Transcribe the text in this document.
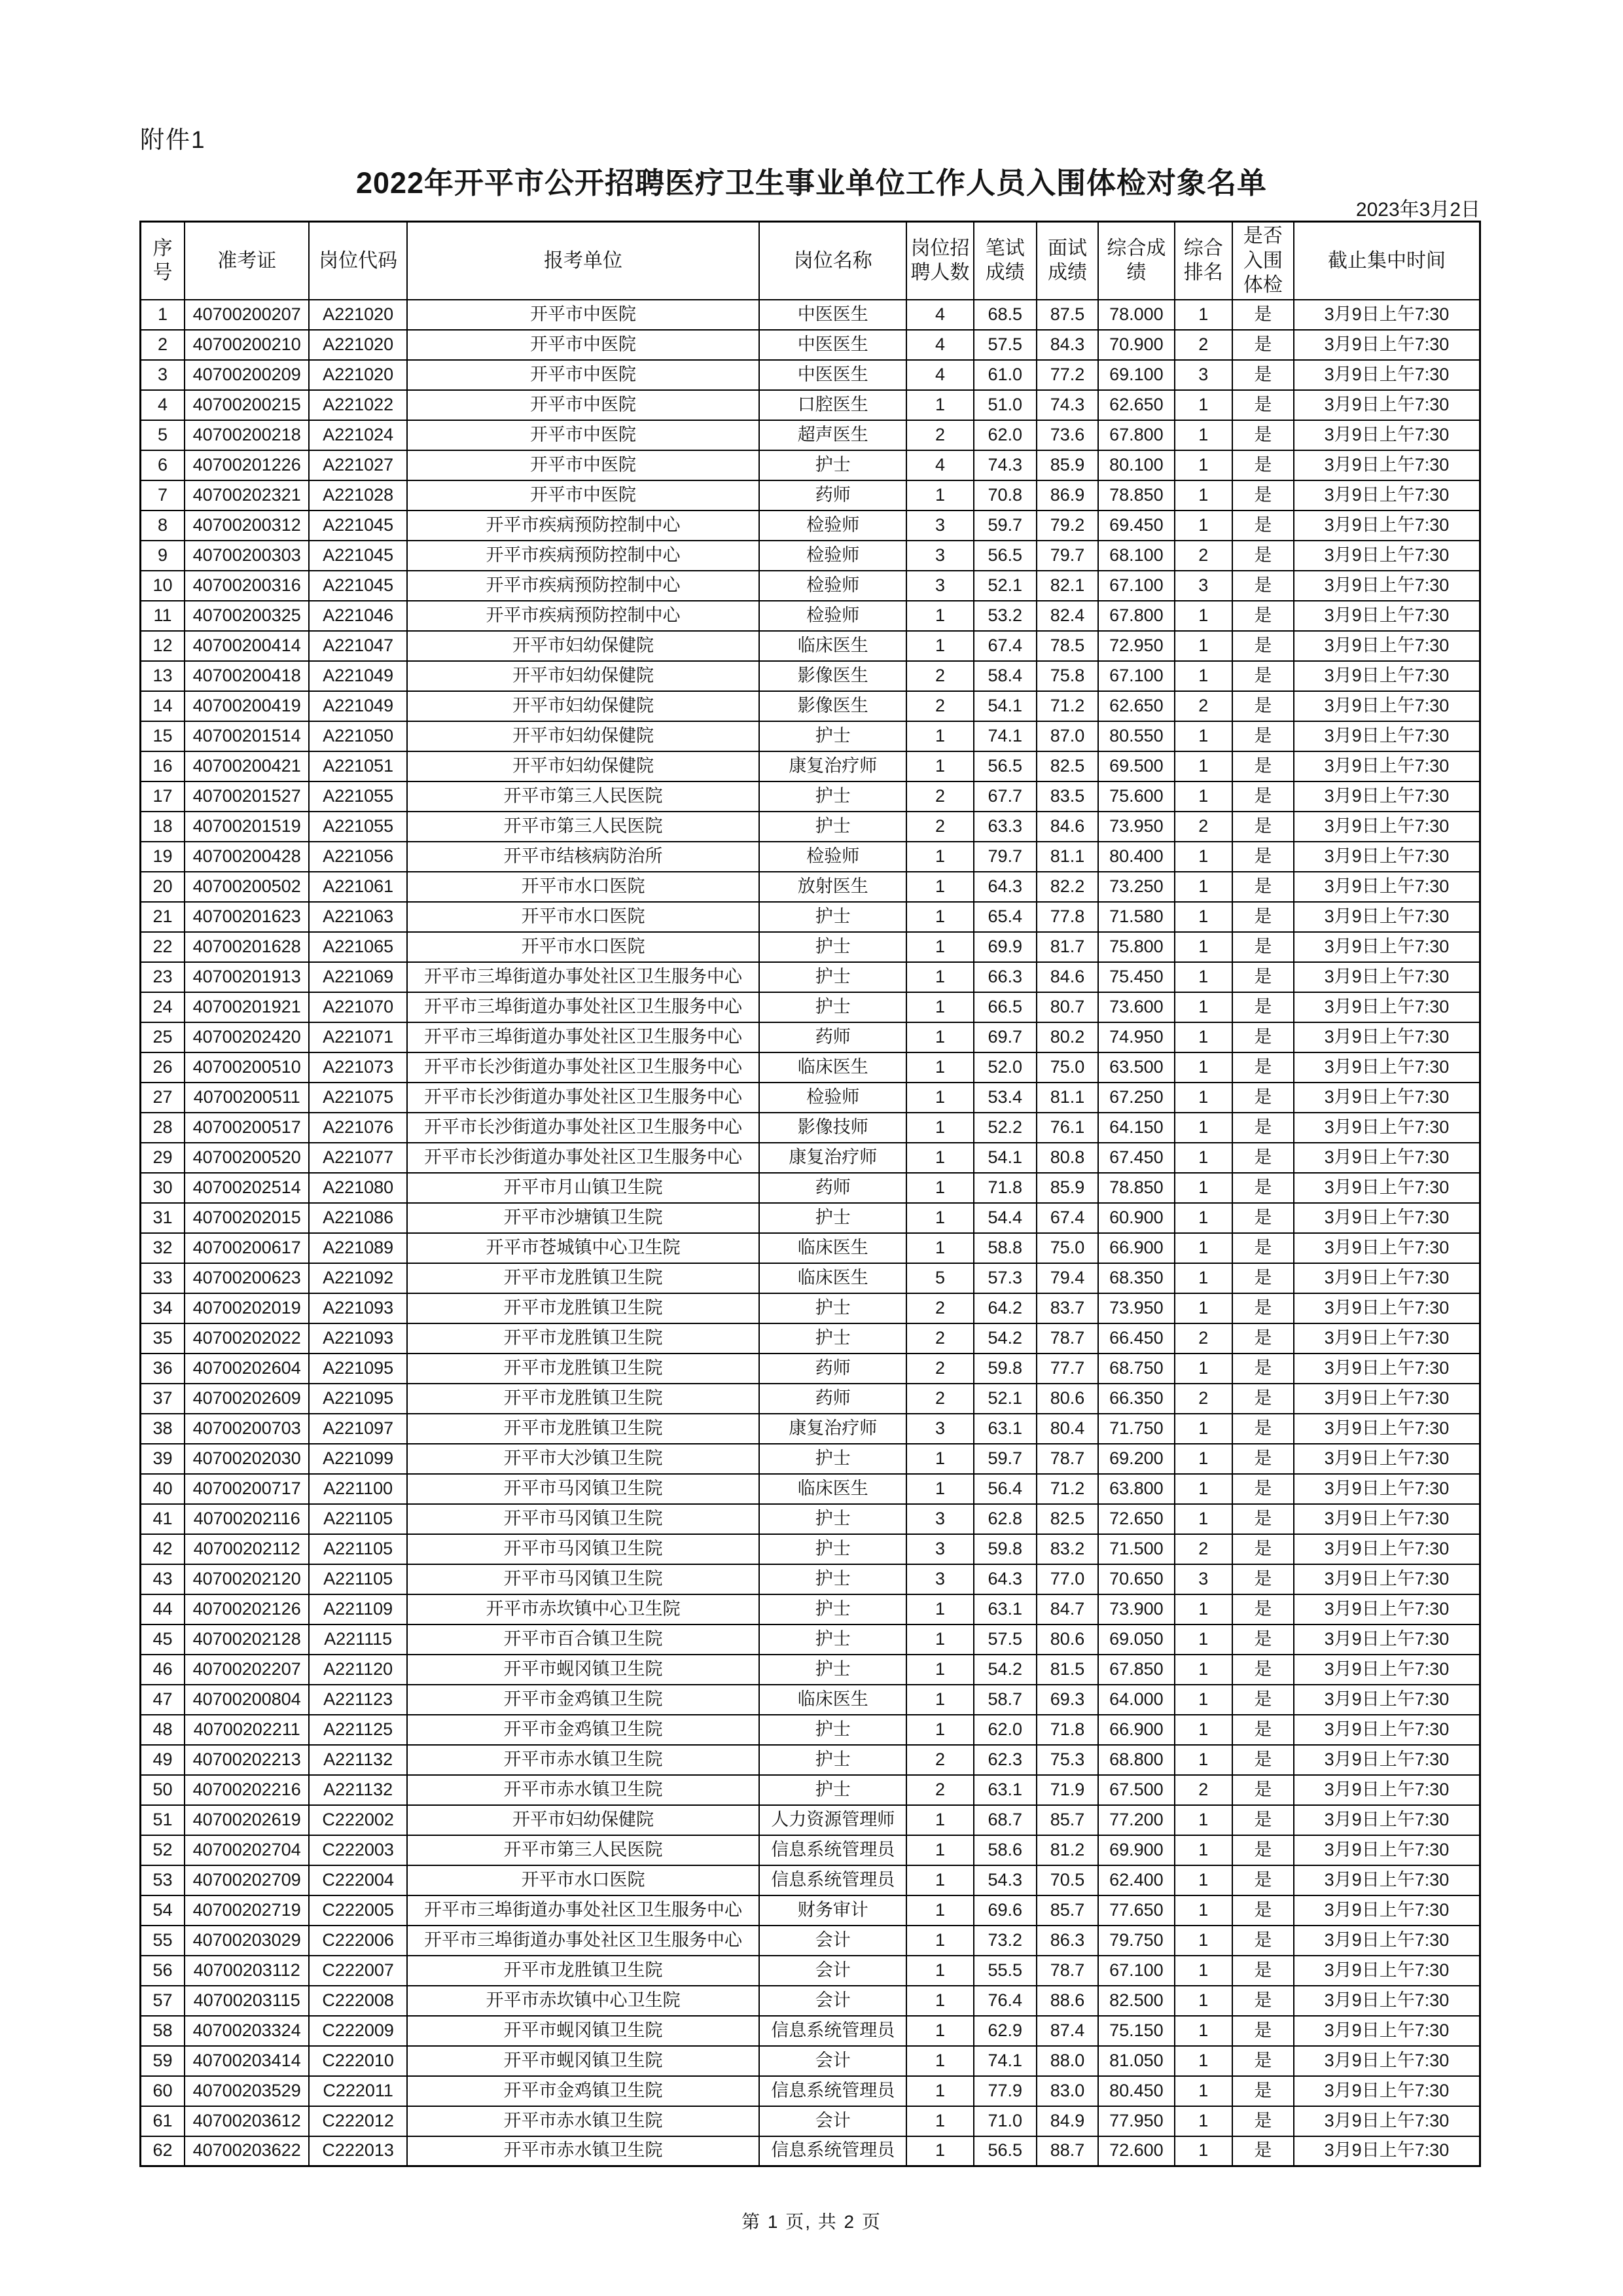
附件1
2022年开平市公开招聘医疗卫生事业单位工作人员入围体检对象名单
2023年3月2日
序号	准考证	岗位代码	报考单位	岗位名称	岗位招聘人数	笔试成绩	面试成绩	综合成绩	综合排名	是否入围体检	截止集中时间
1	40700200207	A221020	开平市中医院	中医医生	4	68.5	87.5	78.000	1	是	3月9日上午7:30
2	40700200210	A221020	开平市中医院	中医医生	4	57.5	84.3	70.900	2	是	3月9日上午7:30
3	40700200209	A221020	开平市中医院	中医医生	4	61.0	77.2	69.100	3	是	3月9日上午7:30
4	40700200215	A221022	开平市中医院	口腔医生	1	51.0	74.3	62.650	1	是	3月9日上午7:30
5	40700200218	A221024	开平市中医院	超声医生	2	62.0	73.6	67.800	1	是	3月9日上午7:30
6	40700201226	A221027	开平市中医院	护士	4	74.3	85.9	80.100	1	是	3月9日上午7:30
7	40700202321	A221028	开平市中医院	药师	1	70.8	86.9	78.850	1	是	3月9日上午7:30
8	40700200312	A221045	开平市疾病预防控制中心	检验师	3	59.7	79.2	69.450	1	是	3月9日上午7:30
9	40700200303	A221045	开平市疾病预防控制中心	检验师	3	56.5	79.7	68.100	2	是	3月9日上午7:30
10	40700200316	A221045	开平市疾病预防控制中心	检验师	3	52.1	82.1	67.100	3	是	3月9日上午7:30
11	40700200325	A221046	开平市疾病预防控制中心	检验师	1	53.2	82.4	67.800	1	是	3月9日上午7:30
12	40700200414	A221047	开平市妇幼保健院	临床医生	1	67.4	78.5	72.950	1	是	3月9日上午7:30
13	40700200418	A221049	开平市妇幼保健院	影像医生	2	58.4	75.8	67.100	1	是	3月9日上午7:30
14	40700200419	A221049	开平市妇幼保健院	影像医生	2	54.1	71.2	62.650	2	是	3月9日上午7:30
15	40700201514	A221050	开平市妇幼保健院	护士	1	74.1	87.0	80.550	1	是	3月9日上午7:30
16	40700200421	A221051	开平市妇幼保健院	康复治疗师	1	56.5	82.5	69.500	1	是	3月9日上午7:30
17	40700201527	A221055	开平市第三人民医院	护士	2	67.7	83.5	75.600	1	是	3月9日上午7:30
18	40700201519	A221055	开平市第三人民医院	护士	2	63.3	84.6	73.950	2	是	3月9日上午7:30
19	40700200428	A221056	开平市结核病防治所	检验师	1	79.7	81.1	80.400	1	是	3月9日上午7:30
20	40700200502	A221061	开平市水口医院	放射医生	1	64.3	82.2	73.250	1	是	3月9日上午7:30
21	40700201623	A221063	开平市水口医院	护士	1	65.4	77.8	71.580	1	是	3月9日上午7:30
22	40700201628	A221065	开平市水口医院	护士	1	69.9	81.7	75.800	1	是	3月9日上午7:30
23	40700201913	A221069	开平市三埠街道办事处社区卫生服务中心	护士	1	66.3	84.6	75.450	1	是	3月9日上午7:30
24	40700201921	A221070	开平市三埠街道办事处社区卫生服务中心	护士	1	66.5	80.7	73.600	1	是	3月9日上午7:30
25	40700202420	A221071	开平市三埠街道办事处社区卫生服务中心	药师	1	69.7	80.2	74.950	1	是	3月9日上午7:30
26	40700200510	A221073	开平市长沙街道办事处社区卫生服务中心	临床医生	1	52.0	75.0	63.500	1	是	3月9日上午7:30
27	40700200511	A221075	开平市长沙街道办事处社区卫生服务中心	检验师	1	53.4	81.1	67.250	1	是	3月9日上午7:30
28	40700200517	A221076	开平市长沙街道办事处社区卫生服务中心	影像技师	1	52.2	76.1	64.150	1	是	3月9日上午7:30
29	40700200520	A221077	开平市长沙街道办事处社区卫生服务中心	康复治疗师	1	54.1	80.8	67.450	1	是	3月9日上午7:30
30	40700202514	A221080	开平市月山镇卫生院	药师	1	71.8	85.9	78.850	1	是	3月9日上午7:30
31	40700202015	A221086	开平市沙塘镇卫生院	护士	1	54.4	67.4	60.900	1	是	3月9日上午7:30
32	40700200617	A221089	开平市苍城镇中心卫生院	临床医生	1	58.8	75.0	66.900	1	是	3月9日上午7:30
33	40700200623	A221092	开平市龙胜镇卫生院	临床医生	5	57.3	79.4	68.350	1	是	3月9日上午7:30
34	40700202019	A221093	开平市龙胜镇卫生院	护士	2	64.2	83.7	73.950	1	是	3月9日上午7:30
35	40700202022	A221093	开平市龙胜镇卫生院	护士	2	54.2	78.7	66.450	2	是	3月9日上午7:30
36	40700202604	A221095	开平市龙胜镇卫生院	药师	2	59.8	77.7	68.750	1	是	3月9日上午7:30
37	40700202609	A221095	开平市龙胜镇卫生院	药师	2	52.1	80.6	66.350	2	是	3月9日上午7:30
38	40700200703	A221097	开平市龙胜镇卫生院	康复治疗师	3	63.1	80.4	71.750	1	是	3月9日上午7:30
39	40700202030	A221099	开平市大沙镇卫生院	护士	1	59.7	78.7	69.200	1	是	3月9日上午7:30
40	40700200717	A221100	开平市马冈镇卫生院	临床医生	1	56.4	71.2	63.800	1	是	3月9日上午7:30
41	40700202116	A221105	开平市马冈镇卫生院	护士	3	62.8	82.5	72.650	1	是	3月9日上午7:30
42	40700202112	A221105	开平市马冈镇卫生院	护士	3	59.8	83.2	71.500	2	是	3月9日上午7:30
43	40700202120	A221105	开平市马冈镇卫生院	护士	3	64.3	77.0	70.650	3	是	3月9日上午7:30
44	40700202126	A221109	开平市赤坎镇中心卫生院	护士	1	63.1	84.7	73.900	1	是	3月9日上午7:30
45	40700202128	A221115	开平市百合镇卫生院	护士	1	57.5	80.6	69.050	1	是	3月9日上午7:30
46	40700202207	A221120	开平市蚬冈镇卫生院	护士	1	54.2	81.5	67.850	1	是	3月9日上午7:30
47	40700200804	A221123	开平市金鸡镇卫生院	临床医生	1	58.7	69.3	64.000	1	是	3月9日上午7:30
48	40700202211	A221125	开平市金鸡镇卫生院	护士	1	62.0	71.8	66.900	1	是	3月9日上午7:30
49	40700202213	A221132	开平市赤水镇卫生院	护士	2	62.3	75.3	68.800	1	是	3月9日上午7:30
50	40700202216	A221132	开平市赤水镇卫生院	护士	2	63.1	71.9	67.500	2	是	3月9日上午7:30
51	40700202619	C222002	开平市妇幼保健院	人力资源管理师	1	68.7	85.7	77.200	1	是	3月9日上午7:30
52	40700202704	C222003	开平市第三人民医院	信息系统管理员	1	58.6	81.2	69.900	1	是	3月9日上午7:30
53	40700202709	C222004	开平市水口医院	信息系统管理员	1	54.3	70.5	62.400	1	是	3月9日上午7:30
54	40700202719	C222005	开平市三埠街道办事处社区卫生服务中心	财务审计	1	69.6	85.7	77.650	1	是	3月9日上午7:30
55	40700203029	C222006	开平市三埠街道办事处社区卫生服务中心	会计	1	73.2	86.3	79.750	1	是	3月9日上午7:30
56	40700203112	C222007	开平市龙胜镇卫生院	会计	1	55.5	78.7	67.100	1	是	3月9日上午7:30
57	40700203115	C222008	开平市赤坎镇中心卫生院	会计	1	76.4	88.6	82.500	1	是	3月9日上午7:30
58	40700203324	C222009	开平市蚬冈镇卫生院	信息系统管理员	1	62.9	87.4	75.150	1	是	3月9日上午7:30
59	40700203414	C222010	开平市蚬冈镇卫生院	会计	1	74.1	88.0	81.050	1	是	3月9日上午7:30
60	40700203529	C222011	开平市金鸡镇卫生院	信息系统管理员	1	77.9	83.0	80.450	1	是	3月9日上午7:30
61	40700203612	C222012	开平市赤水镇卫生院	会计	1	71.0	84.9	77.950	1	是	3月9日上午7:30
62	40700203622	C222013	开平市赤水镇卫生院	信息系统管理员	1	56.5	88.7	72.600	1	是	3月9日上午7:30
第 1 页, 共 2 页
